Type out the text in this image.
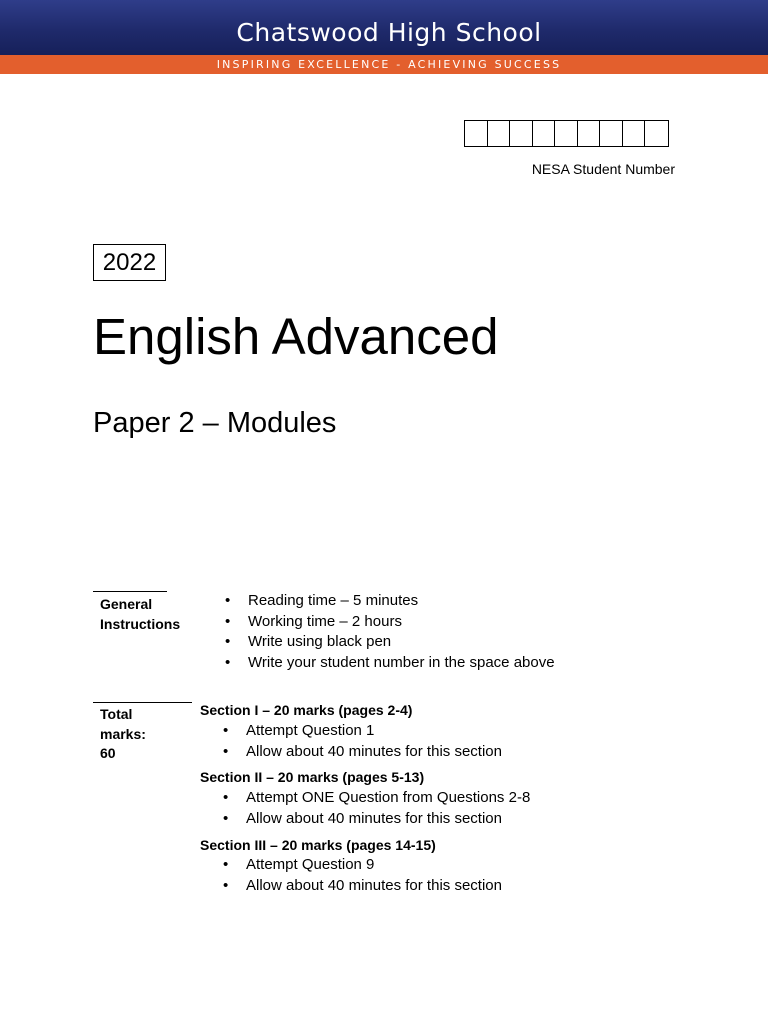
Chatswood High School
INSPIRING EXCELLENCE - ACHIEVING SUCCESS
NESA Student Number
2022
English Advanced
Paper 2 – Modules
General Instructions
• Reading time – 5 minutes
• Working time – 2 hours
• Write using black pen
• Write your student number in the space above
Total marks: 60
Section I – 20 marks (pages 2-4)
• Attempt Question 1
• Allow about 40 minutes for this section
Section II – 20 marks (pages 5-13)
• Attempt ONE Question from Questions 2-8
• Allow about 40 minutes for this section
Section III – 20 marks (pages 14-15)
• Attempt Question 9
• Allow about 40 minutes for this section
